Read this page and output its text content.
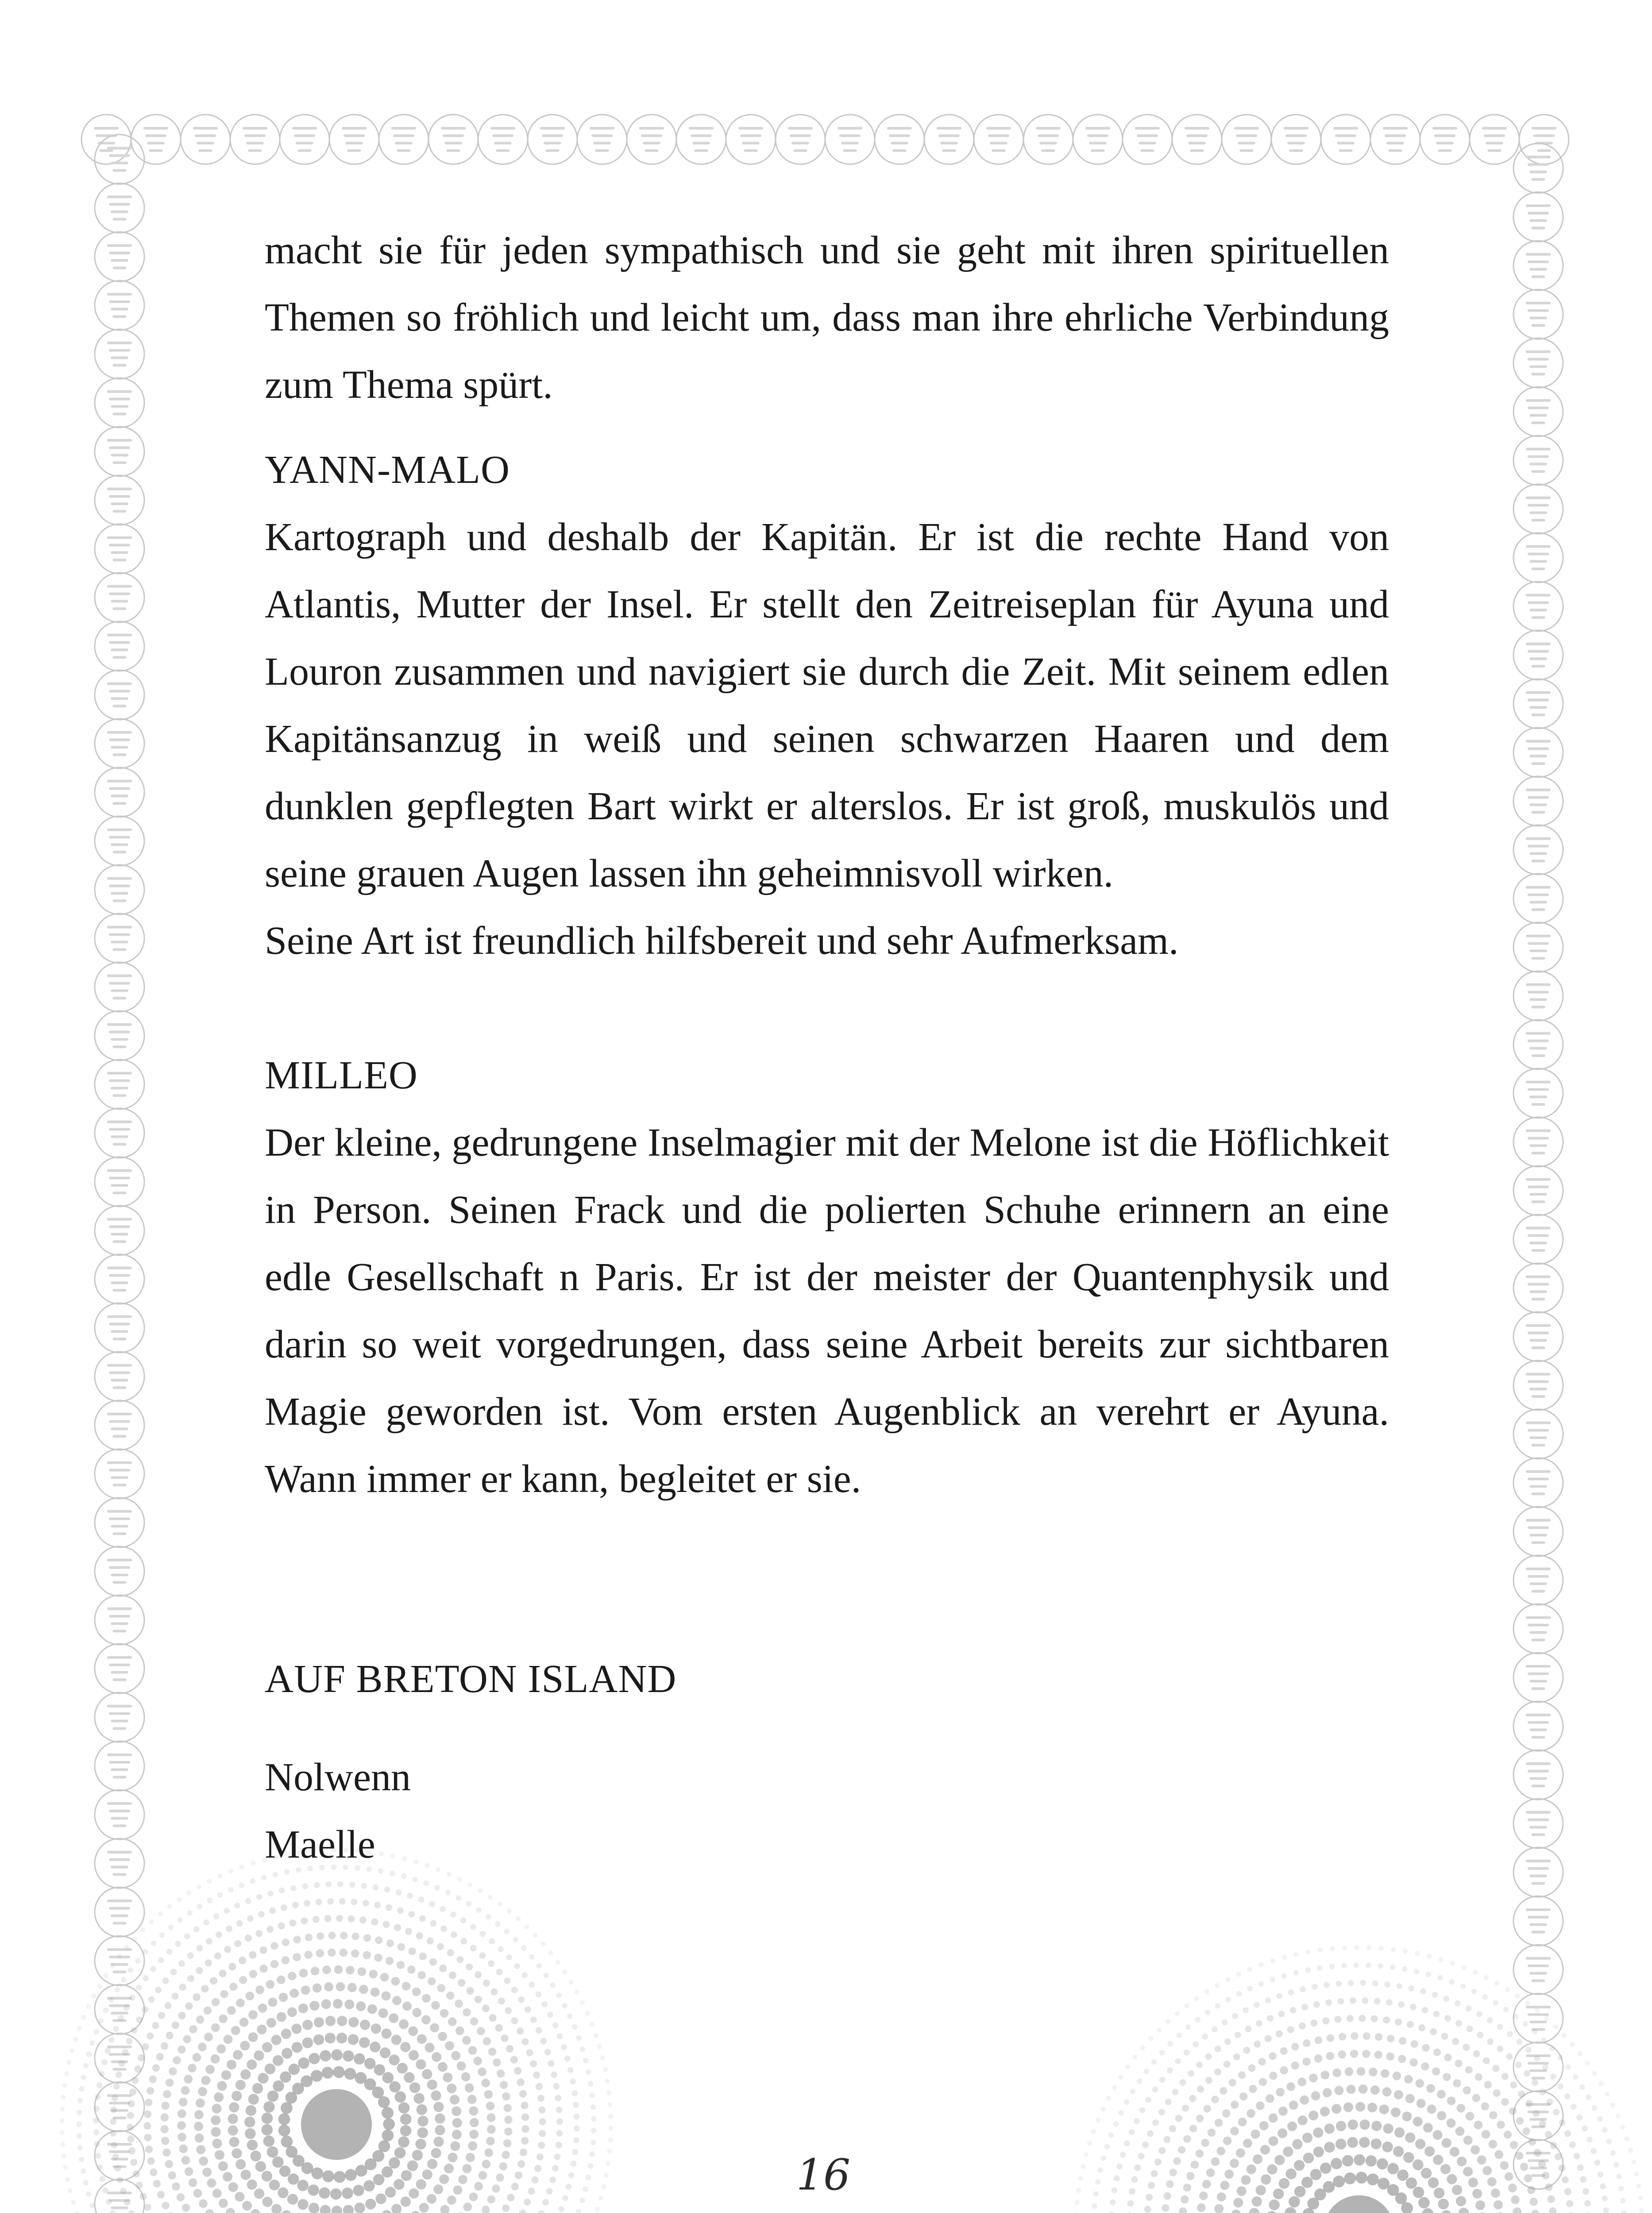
macht sie für jeden sympathisch und sie geht mit ihren spirituellen Themen so fröhlich und leicht um, dass man ihre ehrliche Verbindung zum Thema spürt.

YANN-MALO

Kartograph und deshalb der Kapitän. Er ist die rechte Hand von Atlantis, Mutter der Insel. Er stellt den Zeitreiseplan für Ayuna und Louron zusammen und navigiert sie durch die Zeit. Mit seinem edlen Kapitänsanzug in weiß und seinen schwarzen Haaren und dem dunklen gepflegten Bart wirkt er alterslos. Er ist groß, muskulös und seine grauen Augen lassen ihn geheimnisvoll wirken.

Seine Art ist freundlich hilfsbereit und sehr Aufmerksam.

MILLEO

Der kleine, gedrungene Inselmagier mit der Melone ist die Höflichkeit in Person. Seinen Frack und die polierten Schuhe erinnern an eine edle Gesellschaft n Paris. Er ist der meister der Quantenphysik und darin so weit vorgedrungen, dass seine Arbeit bereits zur sichtbaren Magie geworden ist. Vom ersten Augenblick an verehrt er Ayuna. Wann immer er kann, begleitet er sie.

AUF BRETON ISLAND

Nolwenn
Maelle
16
